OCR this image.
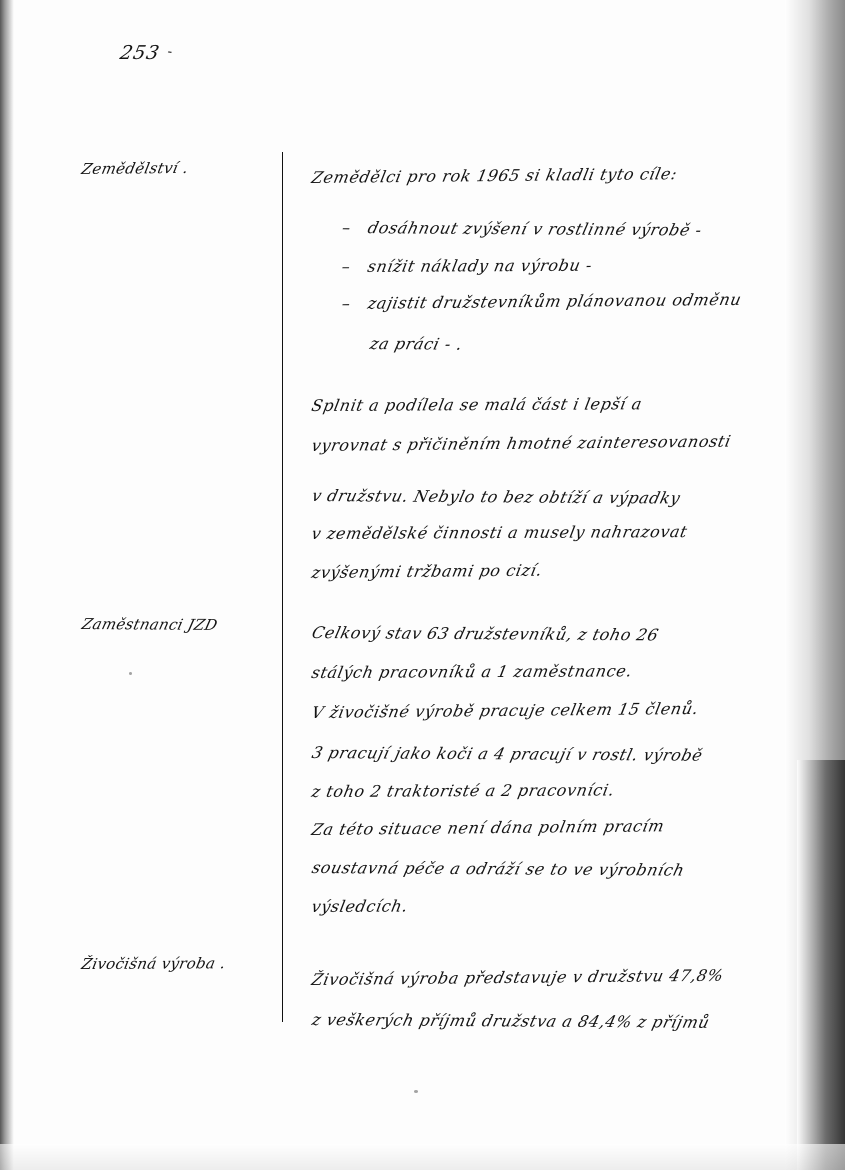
253 -
Zemědělství .
Zaměstnanci JZD
Živočišná výroba .
Zemědělci pro rok 1965 si kladli tyto cíle:
– dosáhnout zvýšení v rostlinné výrobě -
– snížit náklady na výrobu -
– zajistit družstevníkům plánovanou odměnu
za práci - .
Splnit a podílela se malá část i lepší a
vyrovnat s přičiněním hmotné zainteresovanosti
v družstvu. Nebylo to bez obtíží a výpadky
v zemědělské činnosti a musely nahrazovat
zvýšenými tržbami po cizí.
Celkový stav 63 družstevníků, z toho 26
stálých pracovníků a 1 zaměstnance.
V živočišné výrobě pracuje celkem 15 členů.
3 pracují jako koči a 4 pracují v rostl. výrobě
z toho 2 traktoristé a 2 pracovníci.
Za této situace není dána polním pracím
soustavná péče a odráží se to ve výrobních
výsledcích.
Živočišná výroba představuje v družstvu 47,8%
z veškerých příjmů družstva a 84,4% z příjmů
